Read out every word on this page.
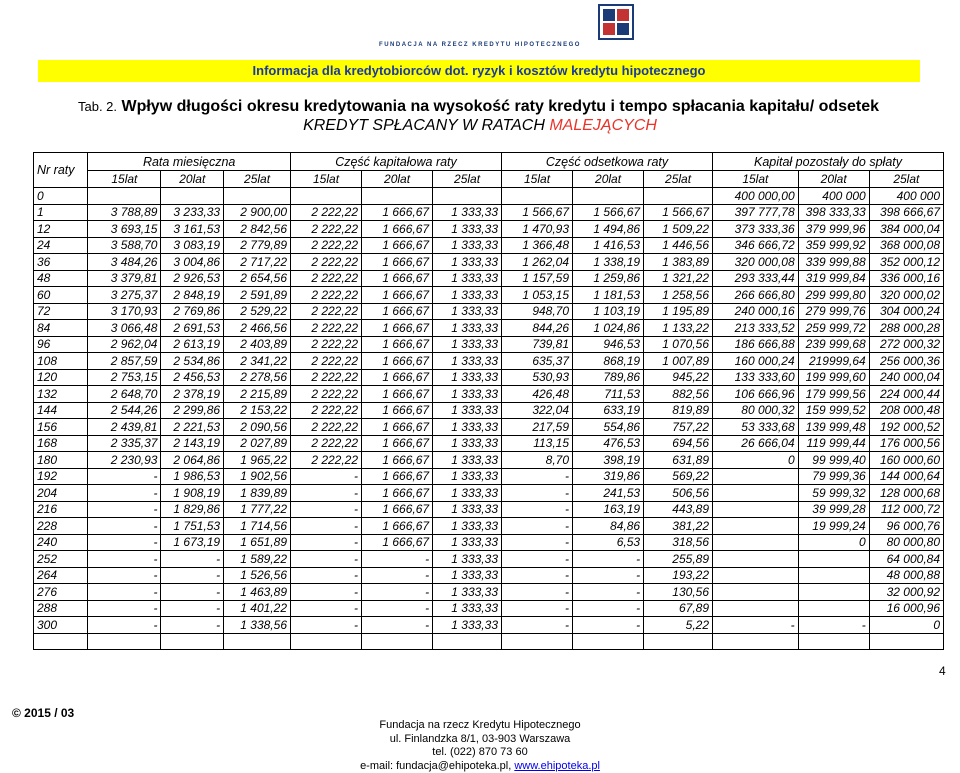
FUNDACJA NA RZECZ KREDYTU HIPOTECZNEGO
Informacja dla kredytobiorców dot. ryzyk i kosztów kredytu hipotecznego
Tab. 2. Wpływ długości okresu kredytowania na wysokość raty kredytu i tempo spłacania kapitału/ odsetek
KREDYT SPŁACANY W RATACH MALEJĄCYCH
Nr raty	Rata miesięczna			Część kapitałowa raty			Część odsetkowa raty			Kapitał pozostały do spłaty		
	15lat	20lat	25lat	15lat	20lat	25lat	15lat	20lat	25lat	15lat	20lat	25lat
0										400 000,00	400 000	400 000
1	3 788,89	3 233,33	2 900,00	2 222,22	1 666,67	1 333,33	1 566,67	1 566,67	1 566,67	397 777,78	398 333,33	398 666,67
12	3 693,15	3 161,53	2 842,56	2 222,22	1 666,67	1 333,33	1 470,93	1 494,86	1 509,22	373 333,36	379 999,96	384 000,04
24	3 588,70	3 083,19	2 779,89	2 222,22	1 666,67	1 333,33	1 366,48	1 416,53	1 446,56	346 666,72	359 999,92	368 000,08
36	3 484,26	3 004,86	2 717,22	2 222,22	1 666,67	1 333,33	1 262,04	1 338,19	1 383,89	320 000,08	339 999,88	352 000,12
48	3 379,81	2 926,53	2 654,56	2 222,22	1 666,67	1 333,33	1 157,59	1 259,86	1 321,22	293 333,44	319 999,84	336 000,16
60	3 275,37	2 848,19	2 591,89	2 222,22	1 666,67	1 333,33	1 053,15	1 181,53	1 258,56	266 666,80	299 999,80	320 000,02
72	3 170,93	2 769,86	2 529,22	2 222,22	1 666,67	1 333,33	948,70	1 103,19	1 195,89	240 000,16	279 999,76	304 000,24
84	3 066,48	2 691,53	2 466,56	2 222,22	1 666,67	1 333,33	844,26	1 024,86	1 133,22	213 333,52	259 999,72	288 000,28
96	2 962,04	2 613,19	2 403,89	2 222,22	1 666,67	1 333,33	739,81	946,53	1 070,56	186 666,88	239 999,68	272 000,32
108	2 857,59	2 534,86	2 341,22	2 222,22	1 666,67	1 333,33	635,37	868,19	1 007,89	160 000,24	219999,64	256 000,36
120	2 753,15	2 456,53	2 278,56	2 222,22	1 666,67	1 333,33	530,93	789,86	945,22	133 333,60	199 999,60	240 000,04
132	2 648,70	2 378,19	2 215,89	2 222,22	1 666,67	1 333,33	426,48	711,53	882,56	106 666,96	179 999,56	224 000,44
144	2 544,26	2 299,86	2 153,22	2 222,22	1 666,67	1 333,33	322,04	633,19	819,89	80 000,32	159 999,52	208 000,48
156	2 439,81	2 221,53	2 090,56	2 222,22	1 666,67	1 333,33	217,59	554,86	757,22	53 333,68	139 999,48	192 000,52
168	2 335,37	2 143,19	2 027,89	2 222,22	1 666,67	1 333,33	113,15	476,53	694,56	26 666,04	119 999,44	176 000,56
180	2 230,93	2 064,86	1 965,22	2 222,22	1 666,67	1 333,33	8,70	398,19	631,89	0	99 999,40	160 000,60
192	-	1 986,53	1 902,56	-	1 666,67	1 333,33	-	319,86	569,22		79 999,36	144 000,64
204	-	1 908,19	1 839,89	-	1 666,67	1 333,33	-	241,53	506,56		59 999,32	128 000,68
216	-	1 829,86	1 777,22	-	1 666,67	1 333,33	-	163,19	443,89		39 999,28	112 000,72
228	-	1 751,53	1 714,56	-	1 666,67	1 333,33	-	84,86	381,22		19 999,24	96 000,76
240	-	1 673,19	1 651,89	-	1 666,67	1 333,33	-	6,53	318,56		0	80 000,80
252	-	-	1 589,22	-	-	1 333,33	-	-	255,89			64 000,84
264	-	-	1 526,56	-	-	1 333,33	-	-	193,22			48 000,88
276	-	-	1 463,89	-	-	1 333,33	-	-	130,56			32 000,92
288	-	-	1 401,22	-	-	1 333,33	-	-	67,89			16 000,96
300	-	-	1 338,56	-	-	1 333,33	-	-	5,22	-	-	0

4
© 2015 / 03
Fundacja na rzecz Kredytu Hipotecznego
ul. Finlandzka 8/1, 03-903 Warszawa
tel. (022) 870 73 60
e-mail: fundacja@ehipoteka.pl, www.ehipoteka.pl
